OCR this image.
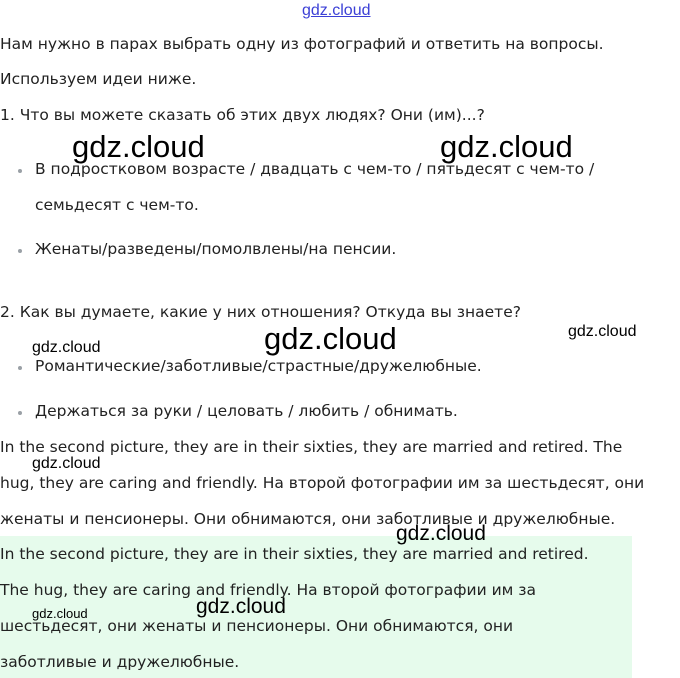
gdz.cloud

Нам нужно в парах выбрать одну из фотографий и ответить на вопросы.

Используем идеи ниже.

1. Что вы можете сказать об этих двух людях? Они (им)...?

В подростковом возрасте / двадцать с чем-то / пятьдесят с чем-то /

семьдесят с чем-то.

Женаты/разведены/помолвлены/на пенсии.

2. Как вы думаете, какие у них отношения? Откуда вы знаете?

Романтические/заботливые/страстные/дружелюбные.

Держаться за руки / целовать / любить / обнимать.

In the second picture, they are in their sixties, they are married and retired. The

hug, they are caring and friendly. На второй фотографии им за шестьдесят, они

женаты и пенсионеры. Они обнимаются, они заботливые и дружелюбные.

In the second picture, they are in their sixties, they are married and retired.

The hug, they are caring and friendly. На второй фотографии им за

шестьдесят, они женаты и пенсионеры. Они обнимаются, они

заботливые и дружелюбные.

gdz.cloud	gdz.cloud
gdz.cloud	gdz.cloud
gdz.cloud
gdz.cloud
gdz.cloud
gdz.cloud
gdz.cloud
